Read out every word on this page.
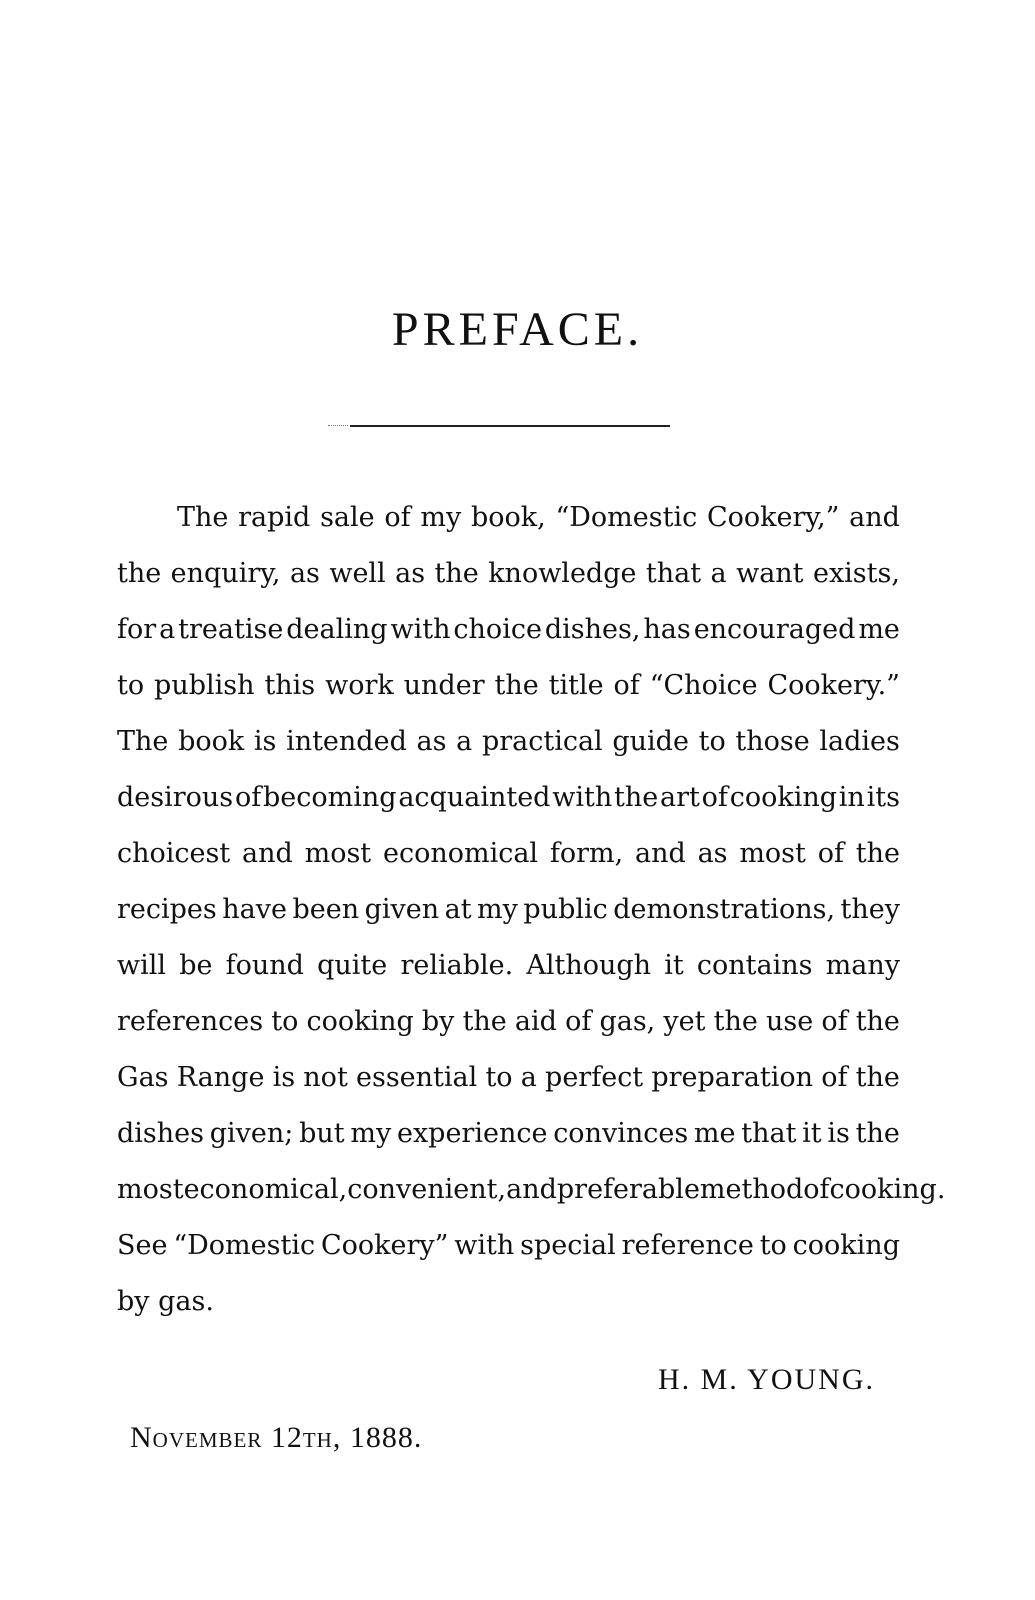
PREFACE.
The rapid sale of my book, “Domestic Cookery,” and
the enquiry, as well as the knowledge that a want exists,
for a treatise dealing with choice dishes, has encouraged me
to publish this work under the title of “Choice Cookery.”
The book is intended as a practical guide to those ladies
desirous of becoming acquainted with the art of cooking in its
choicest and most economical form, and as most of the
recipes have been given at my public demonstrations, they
will be found quite reliable. Although it contains many
references to cooking by the aid of gas, yet the use of the
Gas Range is not essential to a perfect preparation of the
dishes given; but my experience convinces me that it is the
most economical, convenient, and preferable method of cooking.
See “Domestic Cookery” with special reference to cooking
by gas.
H. M. YOUNG.
November 12th, 1888.
